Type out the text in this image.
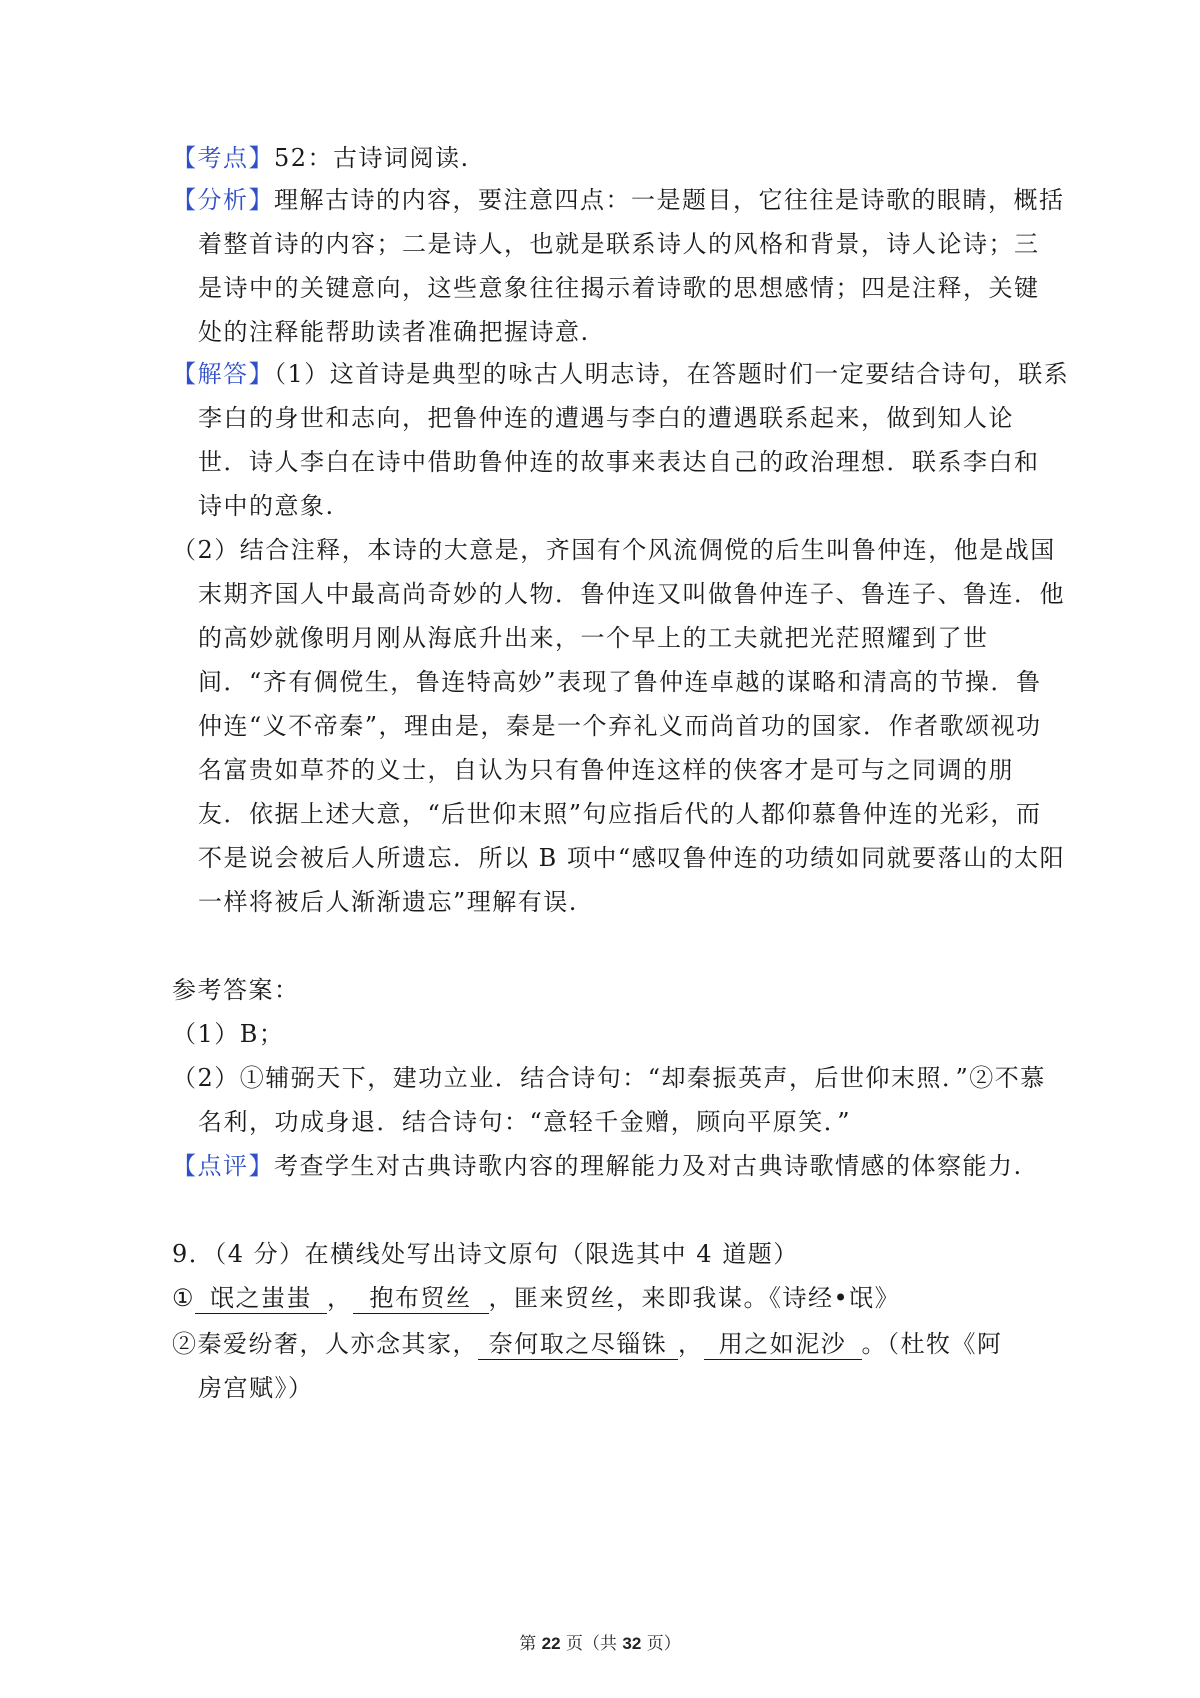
【考点】52：古诗词阅读.
【分析】理解古诗的内容，要注意四点：一是题目，它往往是诗歌的眼睛，概括
着整首诗的内容；二是诗人，也就是联系诗人的风格和背景，诗人论诗；三
是诗中的关键意向，这些意象往往揭示着诗歌的思想感情；四是注释，关键
处的注释能帮助读者准确把握诗意.
【解答】（1）这首诗是典型的咏古人明志诗，在答题时们一定要结合诗句，联系
李白的身世和志向，把鲁仲连的遭遇与李白的遭遇联系起来，做到知人论
世．诗人李白在诗中借助鲁仲连的故事来表达自己的政治理想．联系李白和
诗中的意象.
（2）结合注释，本诗的大意是，齐国有个风流倜傥的后生叫鲁仲连，他是战国
末期齐国人中最高尚奇妙的人物．鲁仲连又叫做鲁仲连子、鲁连子、鲁连．他
的高妙就像明月刚从海底升出来，一个早上的工夫就把光茫照耀到了世
间．“齐有倜傥生，鲁连特高妙”表现了鲁仲连卓越的谋略和清高的节操．鲁
仲连“义不帝秦”，理由是，秦是一个弃礼义而尚首功的国家．作者歌颂视功
名富贵如草芥的义士，自认为只有鲁仲连这样的侠客才是可与之同调的朋
友．依据上述大意，“后世仰末照”句应指后代的人都仰慕鲁仲连的光彩，而
不是说会被后人所遗忘．所以 B 项中“感叹鲁仲连的功绩如同就要落山的太阳
一样将被后人渐渐遗忘”理解有误.
参考答案：
（1）B；
（2）①辅弼天下，建功立业．结合诗句：“却秦振英声，后世仰末照．”②不慕
名利，功成身退．结合诗句：“意轻千金赠，顾向平原笑．”
【点评】考查学生对古典诗歌内容的理解能力及对古典诗歌情感的体察能力.
9．（4 分）在横线处写出诗文原句（限选其中 4 道题）
① 氓之蚩蚩 ， 抱布贸丝 ，匪来贸丝，来即我谋。《诗经•氓》
②秦爱纷奢，人亦念其家， 奈何取之尽锱铢 ， 用之如泥沙 。（杜牧《阿
房宫赋》）
第 22 页（共 32 页）
